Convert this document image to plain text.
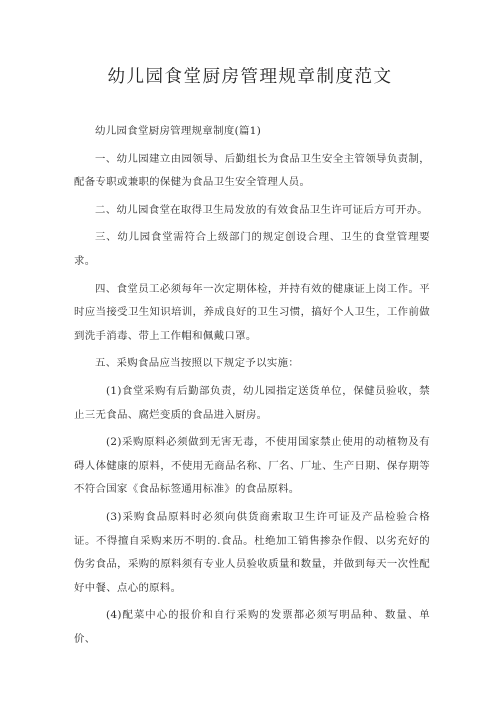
幼儿园食堂厨房管理规章制度范文

幼儿园食堂厨房管理规章制度(篇1)

一、幼儿园建立由园领导、后勤组长为食品卫生安全主管领导负责制，配备专职或兼职的保健为食品卫生安全管理人员。

二、幼儿园食堂在取得卫生局发放的有效食品卫生许可证后方可开办。

三、幼儿园食堂需符合上级部门的规定创设合理、卫生的食堂管理要求。

四、食堂员工必须每年一次定期体检，并持有效的健康证上岗工作。平时应当接受卫生知识培训，养成良好的卫生习惯，搞好个人卫生，工作前做到洗手消毒、带上工作帽和佩戴口罩。

五、采购食品应当按照以下规定予以实施：

(1)食堂采购有后勤部负责，幼儿园指定送货单位，保健员验收，禁止三无食品、腐烂变质的食品进入厨房。

(2)采购原料必须做到无害无毒，不使用国家禁止使用的动植物及有碍人体健康的原料，不使用无商品名称、厂名、厂址、生产日期、保存期等不符合国家《食品标签通用标准》的食品原料。

(3)采购食品原料时必须向供货商索取卫生许可证及产品检验合格证。不得擅自采购来历不明的.食品。杜绝加工销售掺杂作假、以劣充好的伪劣食品，采购的原料须有专业人员验收质量和数量，并做到每天一次性配好中餐、点心的原料。

(4)配菜中心的报价和自行采购的发票都必须写明品种、数量、单价、
